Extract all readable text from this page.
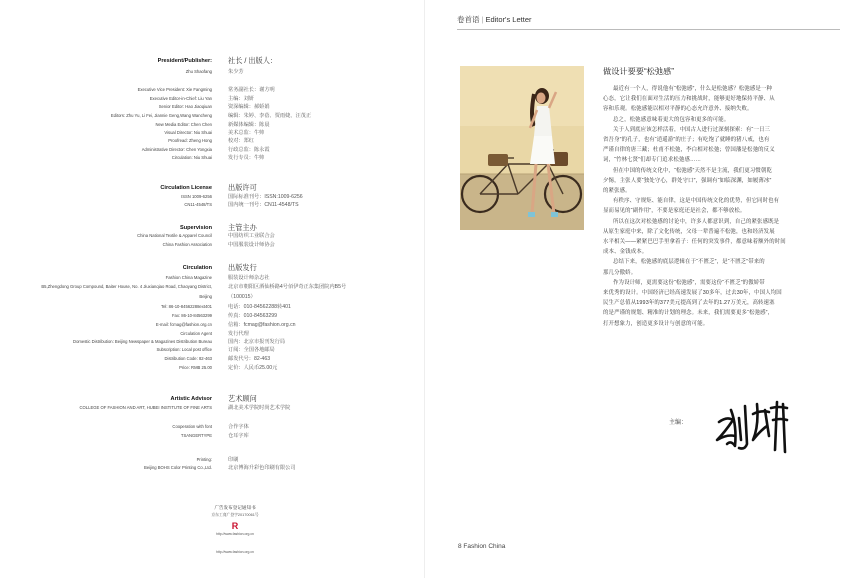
President/Publisher: 社长 / 出版人：
Zhu Shaofang	朱少芳
Executive Vice President: Xie Fangming	常务副社长：谢方明
Executive Editor-in-Chief: Liu Yan	主编：刘妍
Senior Editor: Hao Jiaoqiuan	资深编辑：郝娇娟
Editors: Zhu Yu, Li Fei, Jiannie Geng,Wang Wancheng	编辑：朱婷、李蓓、贾雨婕、汪茂正
New Media Editor: Chen Chen	新媒体编辑：陈晨
Visual Director: Niu Shuai	美术总监：牛帅
Proofread: Zheng Hong	校对：郑红
Administrative Director: Chen Yongxia	行政总监：陈永霞
Circulation: Niu Shuai	发行专员：牛帅
Circulation License 出版许可
ISSN 1009-6256	国际标准刊号：ISSN:1009-6256
CN11-4548/TS	国内统一刊号：CN11-4548/TS
Supervision 主管主办
China National Textile & Apparel Council	中国纺织工业联合会
China Fashion Association	中国服装设计师协会
Circulation 出版发行
Fashion China Magazine	服装设计师杂志社
B5,Zhengdong Group Compound, Baiter House, No. 4 Jiuxianqiao Road, Chaoyang District,	北京市朝阳区酒仙桥路4号佰伊奇正东集团院内B5号
Beijing	（100015）
Tel: 86-10-84562288ext401	电话：010-84562288转401
Fax: 86-10-84563299	传真：010-84563299
E-mail: fcmag@fashion.org.cn	信箱：fcmag@fashion.org.cn
Circulation Agent	发行代理
Domestic Distribution: Beijing Newspaper & Magazines Distribution Bureau	国内：北京市报刊发行局
Subscription: Local post office	订阅：全国各地邮局
Distribution Code: 82-463	邮发代号：82-463
Price: RMB 25.00	定价：人民币25.00元
Artistic Advisor 艺术顾问
COLLEGE OF FASHION AND ART, HUBEI INSTITUTE OF FINE ARTS	湖北美术学院时尚艺术学院
Cooperation with font	合作字体
TSANGERTYPE	仓耳字库
Printing:	印刷
Beijing BOHS Color Printing Co.,Ltd.	北京博海升彩色印刷有限公司
广告发布登记通知书
京东工商广登字20170061号
R
http://www.fashion.org.cn
http://www.fashion.org.cn
卷首语 | Editor's Letter
做设计要要“松弛感”

最近有一个人，得说他有“松弛感”，什么是松弛感？松弛感是一种
心态，它让我们在面对生活的压力和挑战时，能够更好地保持平静、从
容和乐观。松弛感能以相对平静的心态允许意外、接纳失败。

总之，松弛感意味着更大的包容和更多的可能。

关于人到底应该怎样活着，中国古人进行过深刻探索：有“一日三
省吾身”的孔子，也有“逍遥游”的庄子；有吃饱了就睡的猪八戒，也有
严谨自律的唐三藏；杜甫不松弛，李白相对松弛；曾国藩是松弛的反义
词，“竹林七贤”们却专门追求松弛感……

但在中国的传统文化中，“松弛感”天然不是主流，我们更习惯朝乾
夕惕，主张人要“独处守心，群处守口”，强调有“如临深渊，如履薄冰”
的紧张感。

有秩序、守规矩、能自律，这是中国传统文化的优势，但它同时也有
显而易见的“副作用”，不要是家庭还是社会，都不够放松。

所以在这次对松弛感的讨论中，许多人都意识到，自己的紧张感既是
从原生家庭中来，除了文化传统，父母一辈普遍不松弛，也和经济发展
水平相关——紧紧巴巴手里拿着子：任何的突发事件，都意味着额外的时间
成本、金钱成本。

总结下来，松弛感的底层逻辑在于“不匮乏”，是“不匮乏”带来的
那几分傲娇。

作为设计师，更需要这份“松弛感”，需要这份“不匮乏”的傲娇带
来优秀的设计。中国经济已经高速发展了30多年，过去30年，中国人均国
民生产总值从1993年的377美元提高到了去年的1.27万美元，高转速塞
的是严谨的规划、精准的计划的理念。未来，我们需要更多“松弛感”，
打开想象力，创造更多设计与创意的可能。

主编：
8 Fashion China
